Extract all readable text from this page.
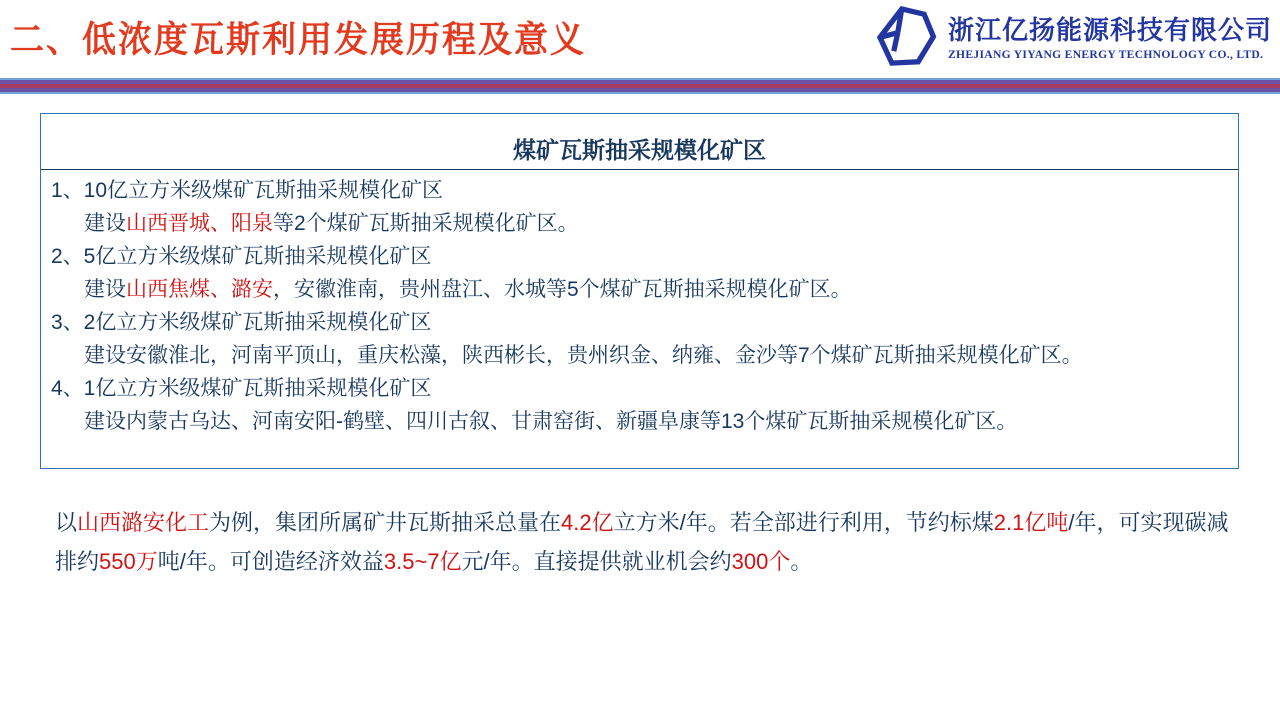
二、低浓度瓦斯利用发展历程及意义	浙江亿扬能源科技有限公司
ZHEJIANG YIYANG ENERGY TECHNOLOGY CO., LTD.
煤矿瓦斯抽采规模化矿区
1、10亿立方米级煤矿瓦斯抽采规模化矿区
建设山西晋城、阳泉等2个煤矿瓦斯抽采规模化矿区。
2、5亿立方米级煤矿瓦斯抽采规模化矿区
建设山西焦煤、潞安，安徽淮南，贵州盘江、水城等5个煤矿瓦斯抽采规模化矿区。
3、2亿立方米级煤矿瓦斯抽采规模化矿区
建设安徽淮北，河南平顶山，重庆松藻，陕西彬长，贵州织金、纳雍、金沙等7个煤矿瓦斯抽采规模化矿区。
4、1亿立方米级煤矿瓦斯抽采规模化矿区
建设内蒙古乌达、河南安阳-鹤壁、四川古叙、甘肃窑街、新疆阜康等13个煤矿瓦斯抽采规模化矿区。

以山西潞安化工为例，集团所属矿井瓦斯抽采总量在4.2亿立方米/年。若全部进行利用，节约标煤2.1亿吨/年，可实现碳减排约550万吨/年。可创造经济效益3.5~7亿元/年。直接提供就业机会约300个。
